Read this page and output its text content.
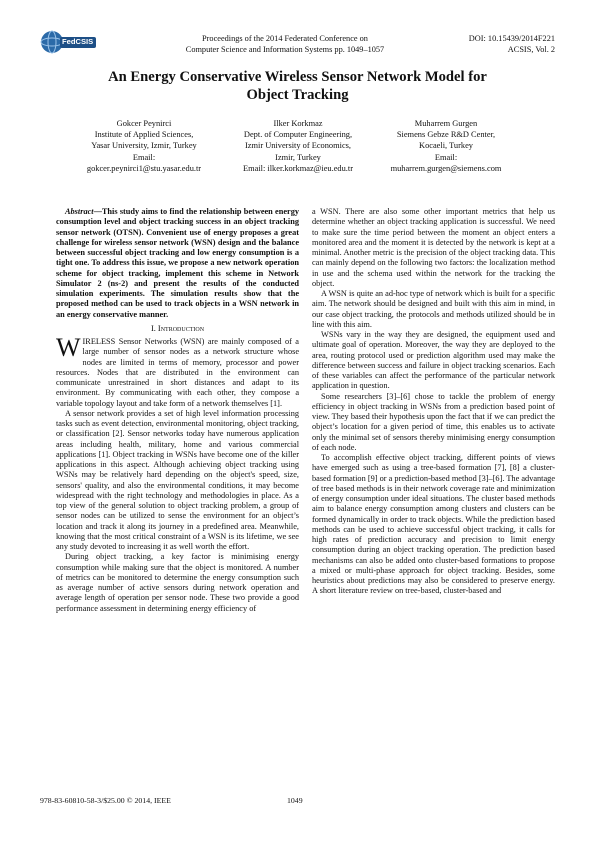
FedCSIS	Proceedings of the 2014 Federated Conference on
Computer Science and Information Systems pp. 1049–1057
DOI: 10.15439/2014F221
ACSIS, Vol. 2
An Energy Conservative Wireless Sensor Network Model for
Object Tracking
Gokcer Peynirci
Institute of Applied Sciences,
Yasar University, Izmir, Turkey
Email:
gokcer.peynirci1@stu.yasar.edu.tr
Ilker Korkmaz
Dept. of Computer Engineering,
Izmir University of Economics,
Izmir, Turkey
Email: ilker.korkmaz@ieu.edu.tr
Muharrem Gurgen
Siemens Gebze R&D Center,
Kocaeli, Turkey
Email:
muharrem.gurgen@siemens.com

Abstract—This study aims to find the relationship between energy consumption level and object tracking success in an object tracking sensor network (OTSN). Convenient use of energy proposes a great challenge for wireless sensor network (WSN) design and the balance between successful object tracking and low energy consumption is a tight one. To address this issue, we propose a new network operation scheme for object tracking, implement this scheme in Network Simulator 2 (ns-2) and present the results of the conducted simulation experiments. The simulation results show that the proposed method can be used to track objects in a WSN network in an energy conservative manner.

I. Introduction

WIRELESS Sensor Networks (WSN) are mainly composed of a large number of sensor nodes as a network structure whose nodes are limited in terms of memory, processor and power resources. Nodes that are distributed in the environment can communicate unrestrained in short distances and adapt to its environment. By communicating with each other, they compose a variable topology layout and take form of a network themselves [1].

A sensor network provides a set of high level information processing tasks such as event detection, environmental monitoring, object tracking, or classification [2]. Sensor networks today have numerous application areas including health, military, home and various commercial applications [1]. Object tracking in WSNs have become one of the killer applications in this aspect. Although achieving object tracking using WSNs may be relatively hard depending on the object's speed, size, sensors' quality, and also the environmental conditions, it may become widespread with the right technology and methodologies in place. As a top view of the general solution to object tracking problem, a group of sensor nodes can be utilized to sense the environment for an object’s location and track it along its journey in a predefined area. Meanwhile, knowing that the most critical constraint of a WSN is its lifetime, we see any study devoted to increasing it as well worth the effort.

During object tracking, a key factor is minimising energy consumption while making sure that the object is monitored. A number of metrics can be monitored to determine the energy consumption such as average number of active sensors during network operation and average length of operation per sensor node. These two provide a good performance assessment in determining energy efficiency of

a WSN. There are also some other important metrics that help us determine whether an object tracking application is successful. We need to make sure the time period between the moment an object enters a monitored area and the moment it is detected by the network is kept at a minimal. Another metric is the precision of the object tracking data. This can mainly depend on the following two factors: the localization method in use and the schema used within the network for the tracking the object.

A WSN is quite an ad-hoc type of network which is built for a specific aim. The network should be designed and built with this aim in mind, in our case object tracking, the protocols and methods utilized should be in line with this aim.

WSNs vary in the way they are designed, the equipment used and ultimate goal of operation. Moreover, the way they are deployed to the area, routing protocol used or prediction algorithm used may make the difference between success and failure in object tracking scenarios. Each of these variables can affect the performance of the particular network application in question.

Some researchers [3]–[6] chose to tackle the problem of energy efficiency in object tracking in WSNs from a prediction based point of view. They based their hypothesis upon the fact that if we can predict the object’s location for a given period of time, this enables us to activate only the minimal set of sensors thereby minimising energy consumption of each node.

To accomplish effective object tracking, different points of views have emerged such as using a tree-based formation [7], [8] a cluster-based formation [9] or a prediction-based method [3]–[6]. The advantage of tree based methods is in their network coverage rate and minimization of energy consumption under ideal situations. The cluster based methods aim to balance energy consumption among clusters and clusters can be formed dynamically in order to track objects. While the prediction based methods can be used to achieve successful object tracking, it calls for high rates of prediction accuracy and precision to limit energy consumption during an object tracking operation. The prediction based mechanisms can also be added onto cluster-based formations to propose a mixed or multi-phase approach for object tracking. Besides, some heuristics about predictions may also be considered to preserve energy. A short literature review on tree-based, cluster-based and

978-83-60810-58-3/$25.00 © 2014, IEEE	1049
